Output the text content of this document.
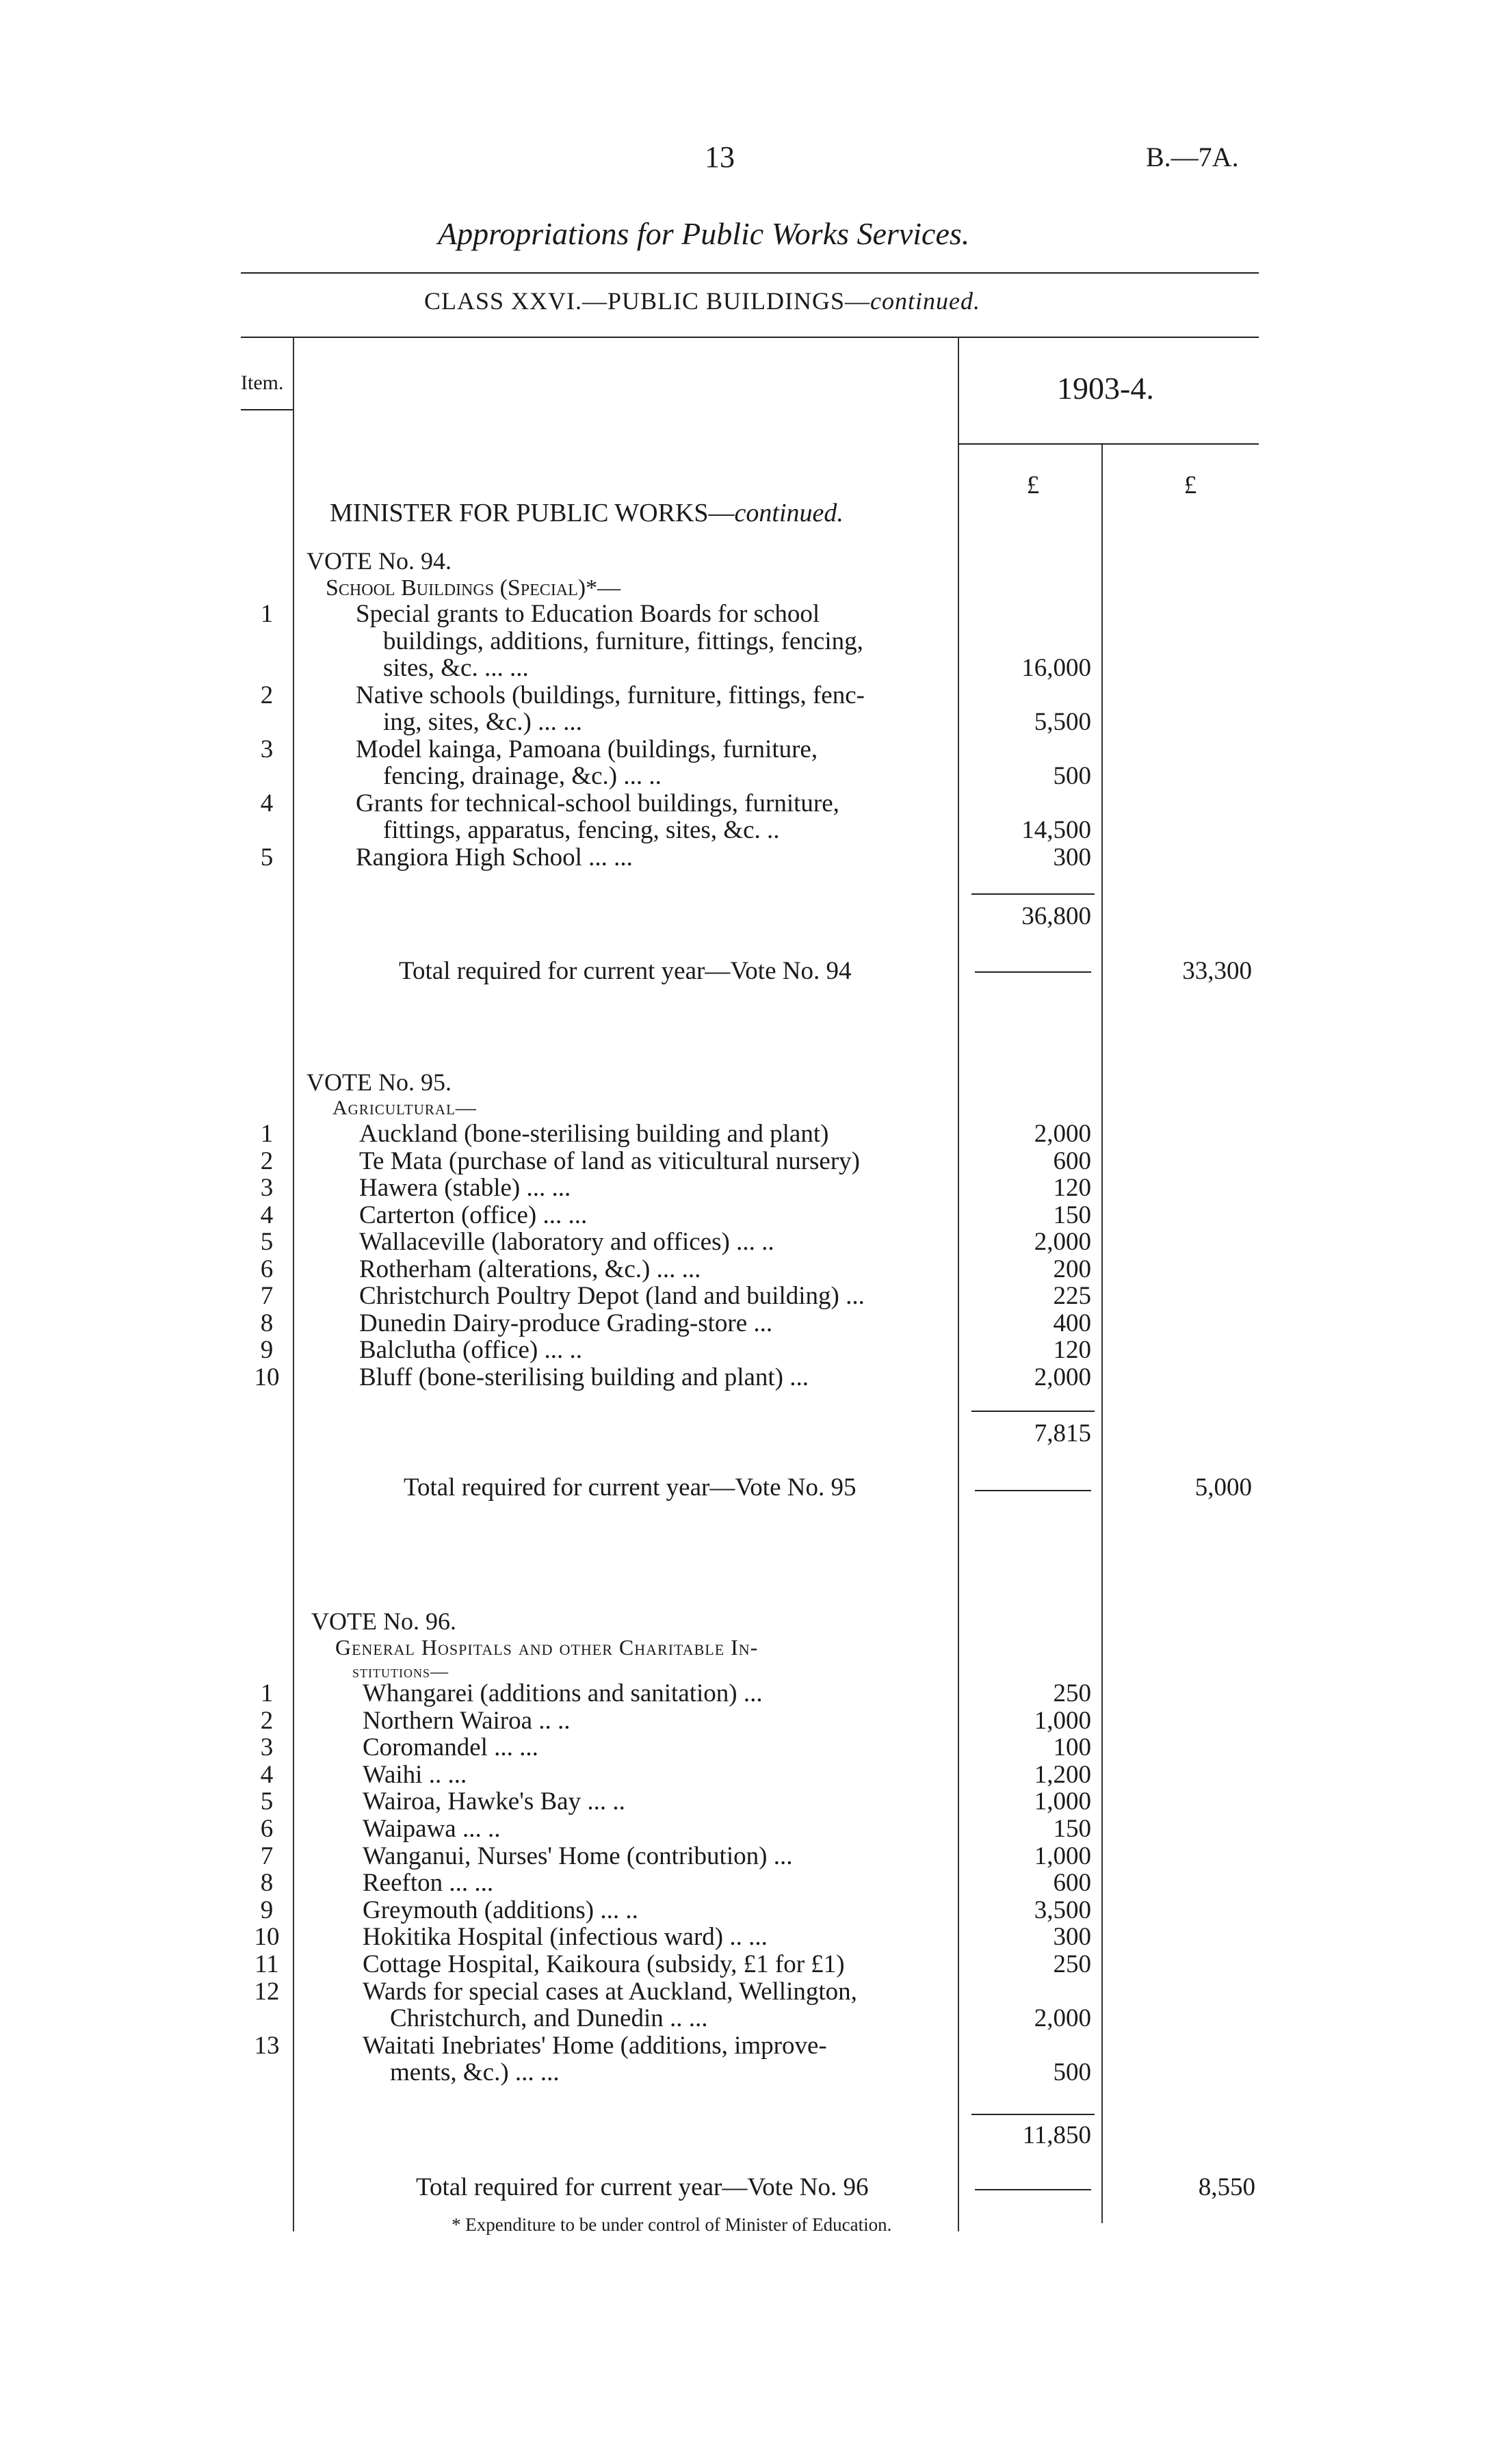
13	B.—7A.
Appropriations for Public Works Services.
CLASS XXVI.—PUBLIC BUILDINGS—continued.
Item.	1903-4.
£	£
MINISTER FOR PUBLIC WORKS—continued.
VOTE No. 94.
School Buildings (Special)*—
1	Special grants to Education Boards for school
buildings, additions, furniture, fittings, fencing,
sites, &c. ... ...	16,000
2	Native schools (buildings, furniture, fittings, fenc-
ing, sites, &c.) ... ...	5,500
3	Model kainga, Pamoana (buildings, furniture,
fencing, drainage, &c.) ... ..	500
4	Grants for technical-school buildings, furniture,
fittings, apparatus, fencing, sites, &c. ..	14,500
5	Rangiora High School ... ...	300
36,800
Total required for current year—Vote No. 94	33,300
VOTE No. 95.
Agricultural—
1	Auckland (bone-sterilising building and plant)	2,000
2	Te Mata (purchase of land as viticultural nursery)	600
3	Hawera (stable) ... ...	120
4	Carterton (office) ... ...	150
5	Wallaceville (laboratory and offices) ... ..	2,000
6	Rotherham (alterations, &c.) ... ...	200
7	Christchurch Poultry Depot (land and building) ...	225
8	Dunedin Dairy-produce Grading-store ...	400
9	Balclutha (office) ... ..	120
10	Bluff (bone-sterilising building and plant) ...	2,000
7,815
Total required for current year—Vote No. 95	5,000
VOTE No. 96.
General Hospitals and other Charitable In-
stitutions—
1	Whangarei (additions and sanitation) ...	250
2	Northern Wairoa .. ..	1,000
3	Coromandel ... ...	100
4	Waihi .. ...	1,200
5	Wairoa, Hawke's Bay ... ..	1,000
6	Waipawa ... ..	150
7	Wanganui, Nurses' Home (contribution) ...	1,000
8	Reefton ... ...	600
9	Greymouth (additions) ... ..	3,500
10	Hokitika Hospital (infectious ward) .. ...	300
11	Cottage Hospital, Kaikoura (subsidy, £1 for £1)	250
12	Wards for special cases at Auckland, Wellington,
Christchurch, and Dunedin .. ...	2,000
13	Waitati Inebriates' Home (additions, improve-
ments, &c.) ... ...	500
11,850
Total required for current year—Vote No. 96	8,550
* Expenditure to be under control of Minister of Education.
